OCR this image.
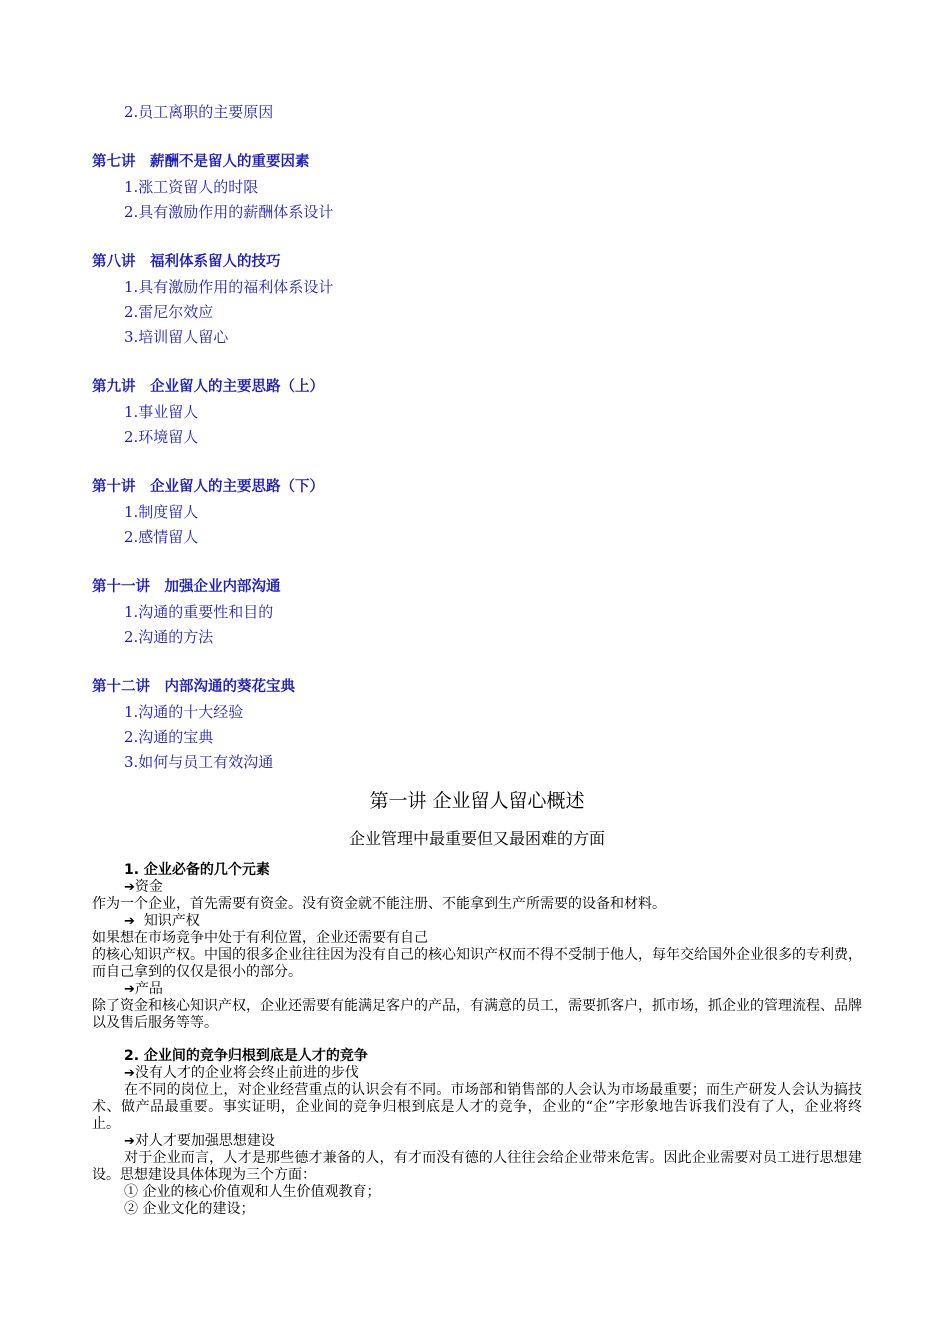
2.员工离职的主要原因
第七讲　薪酬不是留人的重要因素
1.涨工资留人的时限
2.具有激励作用的薪酬体系设计
第八讲　福利体系留人的技巧
1.具有激励作用的福利体系设计
2.雷尼尔效应
3.培训留人留心
第九讲　企业留人的主要思路（上）
1.事业留人
2.环境留人
第十讲　企业留人的主要思路（下）
1.制度留人
2.感情留人
第十一讲　加强企业内部沟通
1.沟通的重要性和目的
2.沟通的方法
第十二讲　内部沟通的葵花宝典
1.沟通的十大经验
2.沟通的宝典
3.如何与员工有效沟通
第一讲 企业留人留心概述
企业管理中最重要但又最困难的方面
1. 企业必备的几个元素
➔资金
作为一个企业，首先需要有资金。没有资金就不能注册、不能拿到生产所需要的设备和材料。
➔ 知识产权
如果想在市场竞争中处于有利位置，企业还需要有自己
的核心知识产权。中国的很多企业往往因为没有自己的核心知识产权而不得不受制于他人，每年交给国外企业很多的专利费，而自己拿到的仅仅是很小的部分。
➔产品
除了资金和核心知识产权，企业还需要有能满足客户的产品，有满意的员工，需要抓客户，抓市场，抓企业的管理流程、品牌以及售后服务等等。
2. 企业间的竞争归根到底是人才的竞争
➔没有人才的企业将会终止前进的步伐
在不同的岗位上，对企业经营重点的认识会有不同。市场部和销售部的人会认为市场最重要；而生产研发人会认为搞技术、做产品最重要。事实证明，企业间的竞争归根到底是人才的竞争，企业的“企”字形象地告诉我们没有了人，企业将终止。
➔对人才要加强思想建设
对于企业而言，人才是那些德才兼备的人，有才而没有德的人往往会给企业带来危害。因此企业需要对员工进行思想建设。思想建设具体体现为三个方面：
① 企业的核心价值观和人生价值观教育；
② 企业文化的建设；
